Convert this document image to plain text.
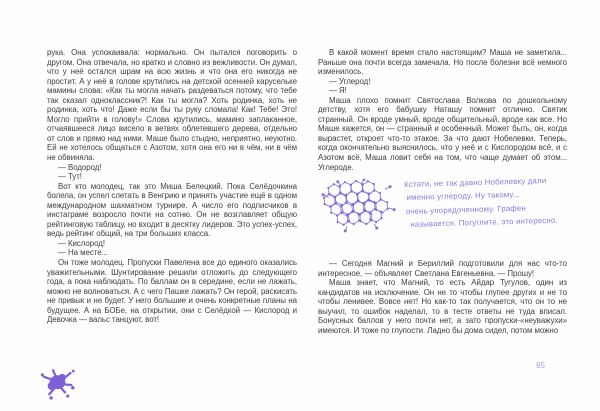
рука. Она успокаивала: нормально. Он пытался поговорить о другом. Она отвечала, но кратко и словно из вежливости. Он думал, что у неё остался шрам на всю жизнь и что она его никогда не простит. А у неё в голове крутились на детской осенней карусельке мамины слова: «Как ты могла начать раздеваться потому, что тебе так сказал одноклассник?! Как ты могла? Хоть родинка, хоть не родинка, хоть что! Даже если бы ты руку сломала! Как! Тебе! Это! Могло прийти в голову!» Слова крутились, мамино заплаканное, отчаявшееся лицо висело в ветвях облетевшего дерева, отдельно от слов и прямо над ними. Маше было стыдно, неприятно, неуютно. Ей не хотелось общаться с Азотом, хотя она его ни в чём, ни в чём не обвиняла.

— Водород!

— Тут!

Вот кто молодец, так это Миша Белецкий. Пока Селёдочкина болела, он успел слетать в Венгрию и принять участие ещё в одном международном шахматном турнире. А число его подписчиков в инстаграме возросло почти на сотню. Он не возглавляет общую рейтинговую таблицу, но входит в десятку лидеров. Это успех-успех, ведь рейтинг общий, на три больших класса.

— Кислород!

— На месте...

Он тоже молодец. Пропуски Павелена все до единого оказались уважительными. Шунтирование решили отложить до следующего года, а пока наблюдать. По баллам он в середине, если не лажать, можно не волноваться. А с чего Пашке лажать? Он герой, раскисать не привык и не будет. У него большие и очень конкретные планы на будущее. А на БОБе, на открытии, они с Селёдкой — Кислород и Девочка — вальс танцуют, вот!

В какой момент время стало настоящим? Маша не заметила... Раньше она почти всегда замечала. Но после болезни всё немного изменилось.

— Углерод!

— Я!

Маша плохо помнит Святослава Волкова по дошкольному детству, хотя его бабушку Наташу помнит отлично. Святик странный. Он вроде умный, вроде общительный, вроде как все. Но Маше кажется, он — странный и особенный. Может быть, он, когда вырастет, откроет что-то этакое. За что дают Нобелевки. Теперь, когда окончательно выяснилось, что у неё и с Кислородом всё, и с Азотом всё, Маша ловит себя на том, что чаще думает об этом... Углероде.

Кстати, не так давно Нобелевку дали
именно углероду. Ну такому...
очень упорядоченному. Графен
называется. Погуглите, это интересно.

— Сегодня Магний и Бериллий подготовили для нас что-то интересное, — объявляет Светлана Евгеньевна. — Прошу!

Маша знает, что Магний, то есть Айдар Тугулов, один из кандидатов на исключение. Он не то чтобы глупее других и не то чтобы ленивее. Вовсе нет! Но как-то так получается, что он то не выучил, то ошибок наделал, то в тесте ответы не туда вписал. Бонусных баллов у него почти нет, а зато пропуски-«неуважухи» имеются. И тоже по глупости. Ладно бы дома сидел, потом можно

85
